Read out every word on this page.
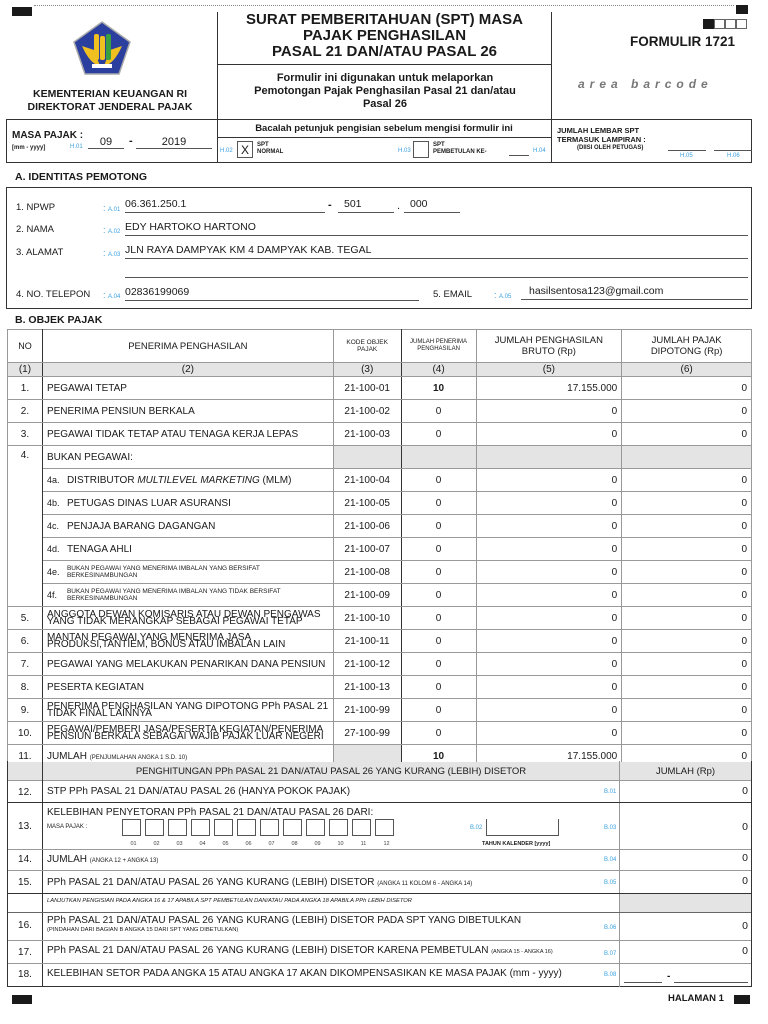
KEMENTERIAN KEUANGAN RI
DIREKTORAT JENDERAL PAJAK
SURAT PEMBERITAHUAN (SPT) MASA
PAJAK PENGHASILAN
PASAL 21 DAN/ATAU PASAL 26
Formulir ini digunakan untuk melaporkan Pemotongan Pajak Penghasilan Pasal 21 dan/atau Pasal 26
FORMULIR 1721
area barcode
MASA PAJAK :
[mm - yyyy]	H.01	09	-	2019
Bacalah petunjuk pengisian sebelum mengisi formulir ini
H.02 X	SPT
NORMAL	H.03
SPT
PEMBETULAN KE-	H.04
JUMLAH LEMBAR SPT
TERMASUK LAMPIRAN :
(DIISI OLEH PETUGAS)
H.05	H.06
A. IDENTITAS PEMOTONG
1. NPWP	: A.01 06.361.250.1	-	501	. 000
2. NAMA	: A.02 EDY HARTOKO HARTONO
3. ALAMAT	: A.03 JLN RAYA DAMPYAK KM 4 DAMPYAK KAB. TEGAL
4. NO. TELEPON : A.04 02836199069	5. EMAIL : A.05	hasilsentosa123@gmail.com
B. OBJEK PAJAK
NO	PENERIMA PENGHASILAN	KODE OBJEK PAJAK	JUMLAH PENERIMA PENGHASILAN	JUMLAH PENGHASILAN BRUTO (Rp)	JUMLAH PAJAK DIPOTONG (Rp)
(1)	(2)	(3)	(4)	(5)	(6)
1.	PEGAWAI TETAP	21-100-01	10	17.155.000	0
2.	PENERIMA PENSIUN BERKALA	21-100-02	0	0	0
3.	PEGAWAI TIDAK TETAP ATAU TENAGA KERJA LEPAS	21-100-03	0	0	0
4.	BUKAN PEGAWAI:				
	4a. DISTRIBUTOR MULTILEVEL MARKETING (MLM)	21-100-04	0	0	0
	4b. PETUGAS DINAS LUAR ASURANSI	21-100-05	0	0	0
	4c. PENJAJA BARANG DAGANGAN	21-100-06	0	0	0
	4d. TENAGA AHLI	21-100-07	0	0	0
	4e. BUKAN PEGAWAI YANG MENERIMA IMBALAN YANG BERSIFAT BERKESINAMBUNGAN	21-100-08	0	0	0
	4f. BUKAN PEGAWAI YANG MENERIMA IMBALAN YANG TIDAK BERSIFAT BERKESINAMBUNGAN	21-100-09	0	0	0
5.	ANGGOTA DEWAN KOMISARIS ATAU DEWAN PENGAWAS YANG TIDAK MERANGKAP SEBAGAI PEGAWAI TETAP	21-100-10	0	0	0
6.	MANTAN PEGAWAI YANG MENERIMA JASA PRODUKSI,TANTIEM, BONUS ATAU IMBALAN LAIN	21-100-11	0	0	0
7.	PEGAWAI YANG MELAKUKAN PENARIKAN DANA PENSIUN	21-100-12	0	0	0
8.	PESERTA KEGIATAN	21-100-13	0	0	0
9.	PENERIMA PENGHASILAN YANG DIPOTONG PPh PASAL 21 TIDAK FINAL LAINNYA	21-100-99	0	0	0
10.	PEGAWAI/PEMBERI JASA/PESERTA KEGIATAN/PENERIMA PENSIUN BERKALA SEBAGAI WAJIB PAJAK LUAR NEGERI	27-100-99	0	0	0
11.	JUMLAH (PENJUMLAHAN ANGKA 1 S.D. 10)		10	17.155.000	0
PENGHITUNGAN PPh PASAL 21 DAN/ATAU PASAL 26 YANG KURANG (LEBIH) DISETOR	JUMLAH (Rp)
12.	STP PPh PASAL 21 DAN/ATAU PASAL 26 (HANYA POKOK PAJAK)	B.01	0
13.
KELEBIHAN PENYETORAN PPh PASAL 21 DAN/ATAU PASAL 26 DARI:
MASA PAJAK :
01	02	03	04	05	06	07	08	09	10	11	12
B.02
TAHUN KALENDER [yyyy]
B.03	0
14.	JUMLAH (ANGKA 12 + ANGKA 13)	B.04	0
15.	PPh PASAL 21 DAN/ATAU PASAL 26 YANG KURANG (LEBIH) DISETOR (ANGKA 11 KOLOM 6 - ANGKA 14)	B.05	0
LANJUTKAN PENGISIAN PADA ANGKA 16 & 17 APABILA SPT PEMBETULAN DAN/ATAU PADA ANGKA 18 APABILA PPh LEBIH DISETOR
16.	PPh PASAL 21 DAN/ATAU PASAL 26 YANG KURANG (LEBIH) DISETOR PADA SPT YANG DIBETULKAN
(PINDAHAN DARI BAGIAN B ANGKA 15 DARI SPT YANG DIBETULKAN)	B.06	0
17.	PPh PASAL 21 DAN/ATAU PASAL 26 YANG KURANG (LEBIH) DISETOR KARENA PEMBETULAN (ANGKA 15 - ANGKA 16)	B.07	0
18.	KELEBIHAN SETOR PADA ANGKA 15 ATAU ANGKA 17 AKAN DIKOMPENSASIKAN KE MASA PAJAK (mm - yyyy)	B.08	-
HALAMAN 1
